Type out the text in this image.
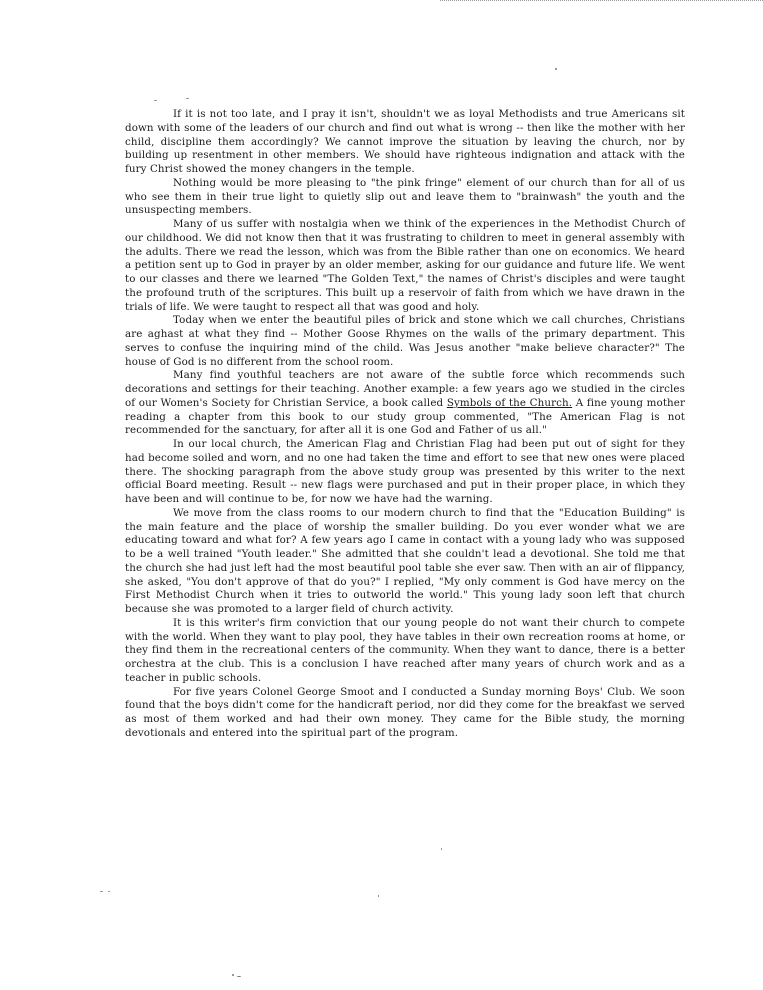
If it is not too late, and I pray it isn't, shouldn't we as loyal Methodists and true Americans sit down with some of the leaders of our church and find out what is wrong -- then like the mother with her child, discipline them accordingly? We cannot improve the situation by leaving the church, nor by building up resentment in other members. We should have righteous indignation and attack with the fury Christ showed the money changers in the temple.

Nothing would be more pleasing to "the pink fringe" element of our church than for all of us who see them in their true light to quietly slip out and leave them to "brainwash" the youth and the unsuspecting members.

Many of us suffer with nostalgia when we think of the experiences in the Methodist Church of our childhood. We did not know then that it was frustrating to children to meet in general assembly with the adults. There we read the lesson, which was from the Bible rather than one on economics. We heard a petition sent up to God in prayer by an older member, asking for our guidance and future life. We went to our classes and there we learned "The Golden Text," the names of Christ's disciples and were taught the profound truth of the scriptures. This built up a reservoir of faith from which we have drawn in the trials of life. We were taught to respect all that was good and holy.

Today when we enter the beautiful piles of brick and stone which we call churches, Christians are aghast at what they find -- Mother Goose Rhymes on the walls of the primary department. This serves to confuse the inquiring mind of the child. Was Jesus another "make believe character?" The house of God is no different from the school room.

Many find youthful teachers are not aware of the subtle force which recommends such decorations and settings for their teaching. Another example: a few years ago we studied in the circles of our Women's Society for Christian Service, a book called Symbols of the Church. A fine young mother reading a chapter from this book to our study group commented, "The American Flag is not recommended for the sanctuary, for after all it is one God and Father of us all."

In our local church, the American Flag and Christian Flag had been put out of sight for they had become soiled and worn, and no one had taken the time and effort to see that new ones were placed there. The shocking paragraph from the above study group was presented by this writer to the next official Board meeting. Result -- new flags were purchased and put in their proper place, in which they have been and will continue to be, for now we have had the warning.

We move from the class rooms to our modern church to find that the "Education Building" is the main feature and the place of worship the smaller building. Do you ever wonder what we are educating toward and what for? A few years ago I came in contact with a young lady who was supposed to be a well trained "Youth leader." She admitted that she couldn't lead a devotional. She told me that the church she had just left had the most beautiful pool table she ever saw. Then with an air of flippancy, she asked, "You don't approve of that do you?" I replied, "My only comment is God have mercy on the First Methodist Church when it tries to outworld the world." This young lady soon left that church because she was promoted to a larger field of church activity.

It is this writer's firm conviction that our young people do not want their church to compete with the world. When they want to play pool, they have tables in their own recreation rooms at home, or they find them in the recreational centers of the community. When they want to dance, there is a better orchestra at the club. This is a conclusion I have reached after many years of church work and as a teacher in public schools.

For five years Colonel George Smoot and I conducted a Sunday morning Boys' Club. We soon found that the boys didn't come for the handicraft period, nor did they come for the breakfast we served as most of them worked and had their own money. They came for the Bible study, the morning devotionals and entered into the spiritual part of the program.
